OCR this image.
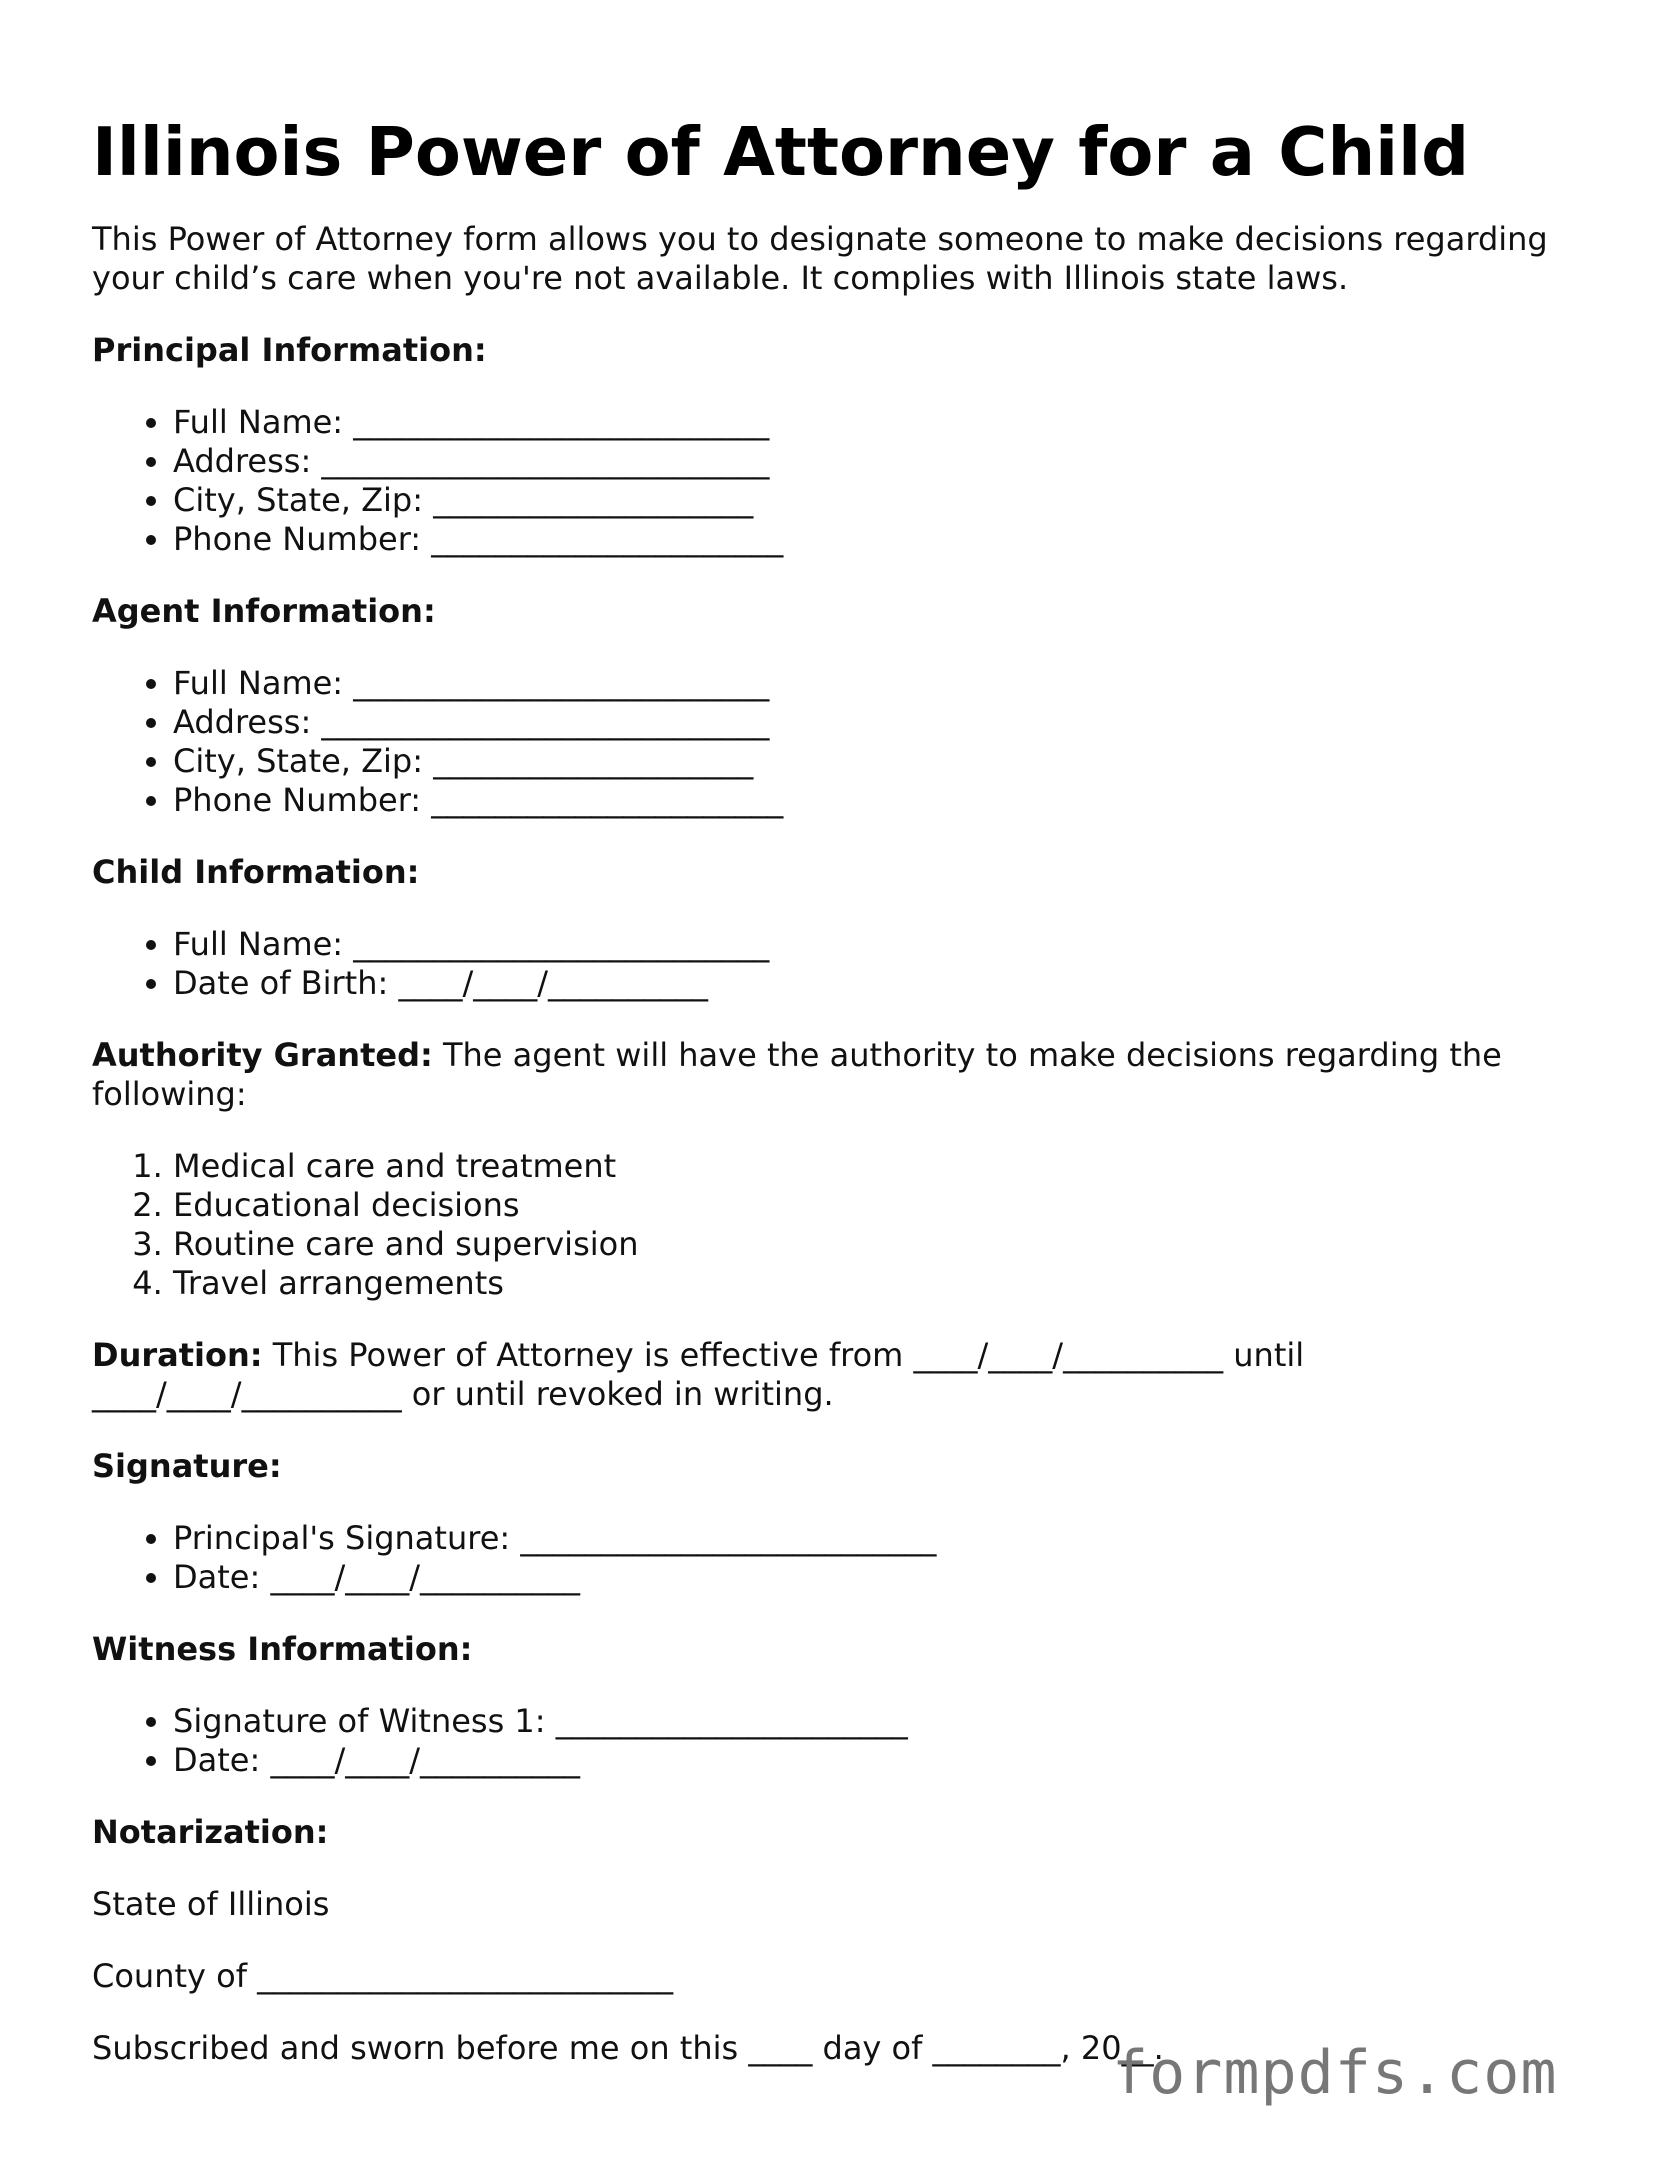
Illinois Power of Attorney for a Child

This Power of Attorney form allows you to designate someone to make decisions regarding your child’s care when you're not available. It complies with Illinois state laws.

Principal Information:
• Full Name: __________________________
• Address: ____________________________
• City, State, Zip: ____________________
• Phone Number: ______________________
Agent Information:
• Full Name: __________________________
• Address: ____________________________
• City, State, Zip: ____________________
• Phone Number: ______________________
Child Information:
• Full Name: __________________________
• Date of Birth: ____/____/__________

Authority Granted: The agent will have the authority to make decisions regarding the following:

1. Medical care and treatment
2. Educational decisions
3. Routine care and supervision
4. Travel arrangements

Duration: This Power of Attorney is effective from ____/____/__________ until ____/____/__________ or until revoked in writing.

Signature:
• Principal's Signature: __________________________
• Date: ____/____/__________
Witness Information:
• Signature of Witness 1: ______________________
• Date: ____/____/__________
Notarization:

State of Illinois

County of __________________________

Subscribed and sworn before me on this ____ day of ________, 20__.

formpdfs.com
